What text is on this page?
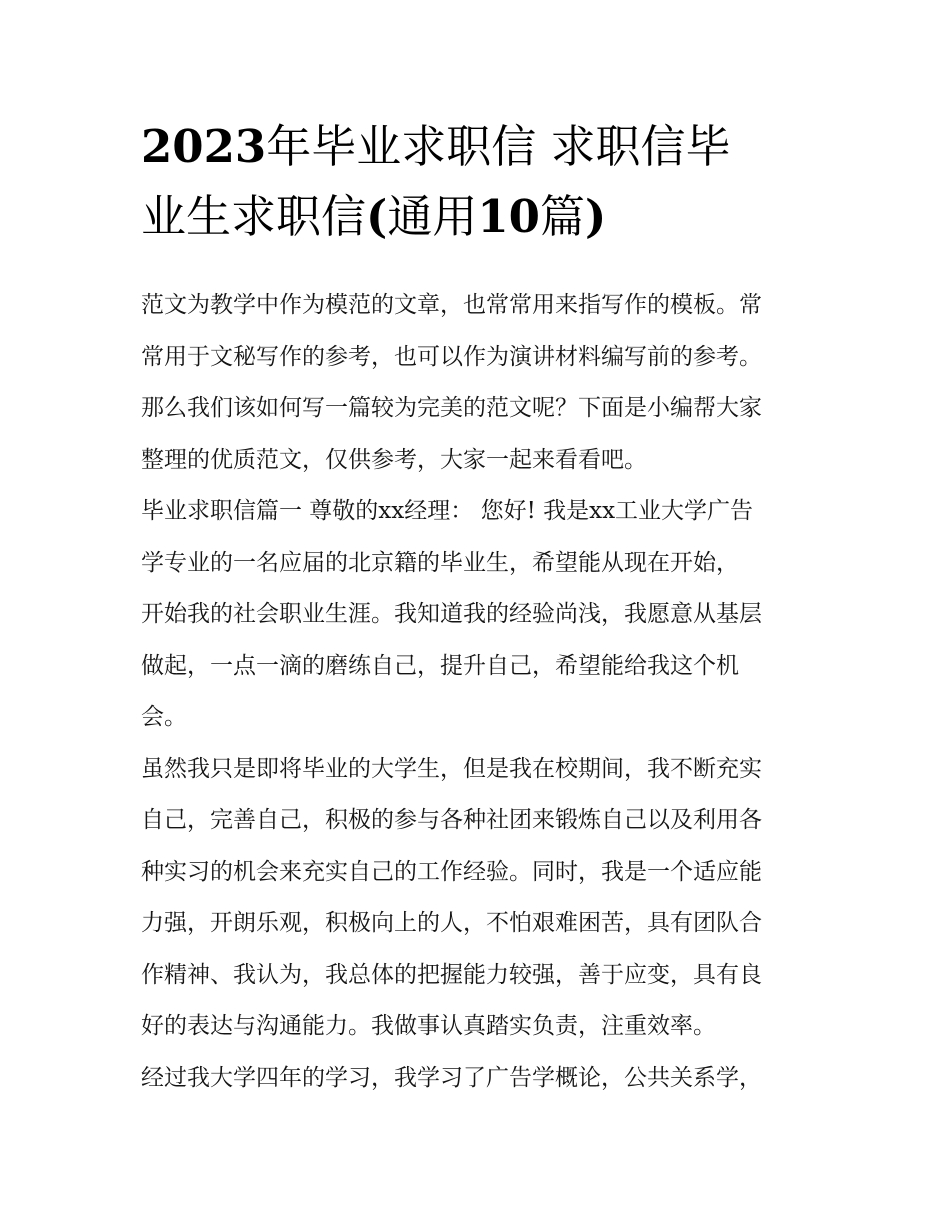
2023年毕业求职信 求职信毕
业生求职信(通用10篇)

范文为教学中作为模范的文章，也常常用来指写作的模板。常
常用于文秘写作的参考，也可以作为演讲材料编写前的参考。
那么我们该如何写一篇较为完美的范文呢？下面是小编帮大家
整理的优质范文，仅供参考，大家一起来看看吧。

毕业求职信篇一 尊敬的xx经理： 您好! 我是xx工业大学广告
学专业的一名应届的北京籍的毕业生，希望能从现在开始，
开始我的社会职业生涯。我知道我的经验尚浅，我愿意从基层
做起，一点一滴的磨练自己，提升自己，希望能给我这个机
会。

虽然我只是即将毕业的大学生，但是我在校期间，我不断充实
自己，完善自己，积极的参与各种社团来锻炼自己以及利用各
种实习的机会来充实自己的工作经验。同时，我是一个适应能
力强，开朗乐观，积极向上的人，不怕艰难困苦，具有团队合
作精神、我认为，我总体的把握能力较强，善于应变，具有良
好的表达与沟通能力。我做事认真踏实负责，注重效率。

经过我大学四年的学习，我学习了广告学概论，公共关系学，
